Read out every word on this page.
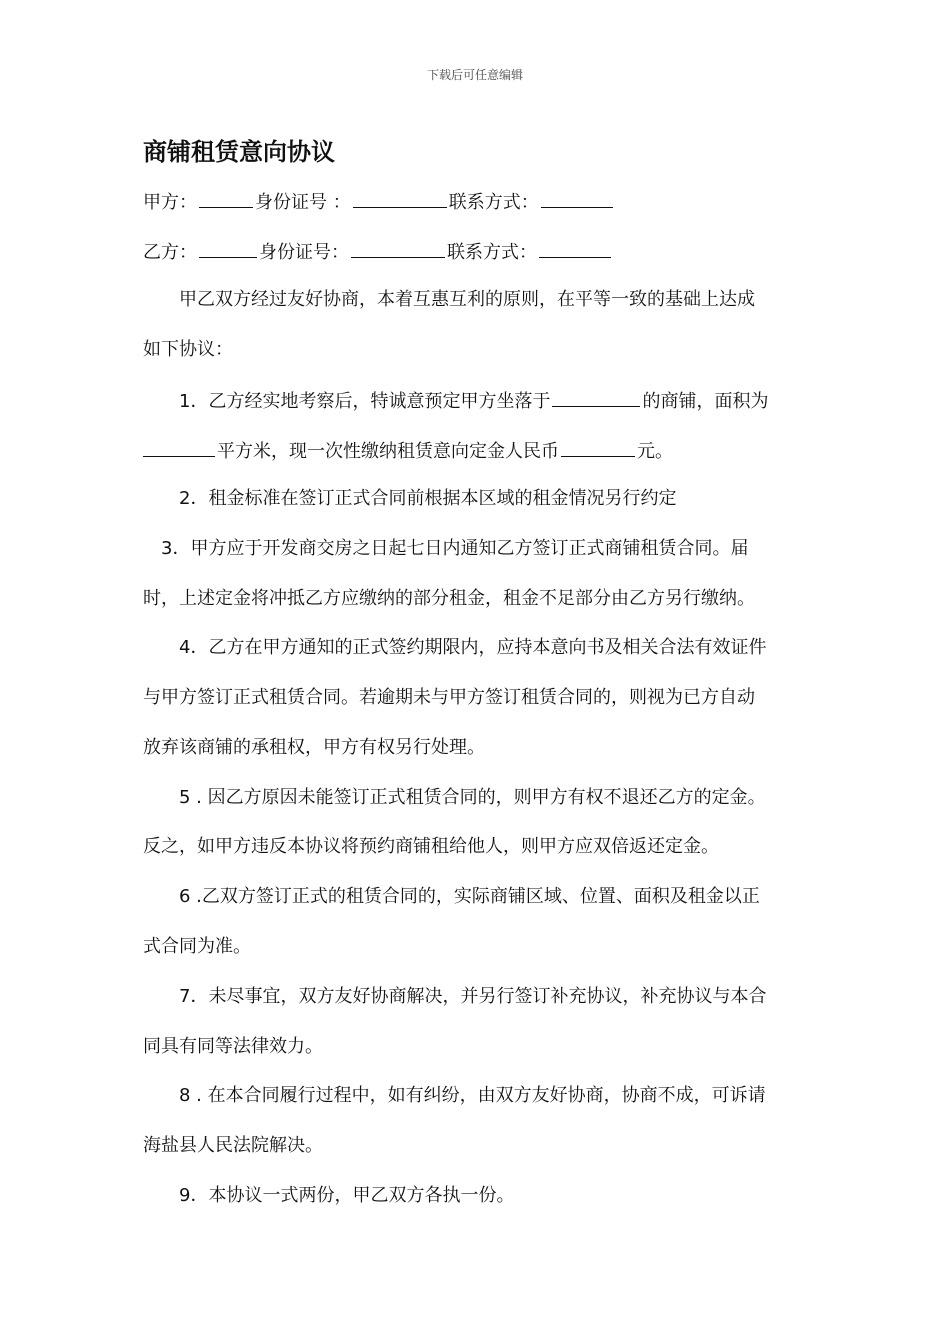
下载后可任意编辑
商铺租赁意向协议
甲方：	身份证号 ：	联系方式：
乙方：	身份证号：	联系方式：
　　甲乙双方经过友好协商，本着互惠互利的原则，在平等一致的基础上达成
如下协议：
　　1．乙方经实地考察后，特诚意预定甲方坐落于	的商铺，面积为
平方米，现一次性缴纳租赁意向定金人民币	元。
　　2．租金标准在签订正式合同前根据本区域的租金情况另行约定
　3．甲方应于开发商交房之日起七日内通知乙方签订正式商铺租赁合同。届
时，上述定金将冲抵乙方应缴纳的部分租金，租金不足部分由乙方另行缴纳。
　　4．乙方在甲方通知的正式签约期限内，应持本意向书及相关合法有效证件
与甲方签订正式租赁合同。若逾期未与甲方签订租赁合同的，则视为已方自动
放弃该商铺的承租权，甲方有权另行处理。
　　5 . 因乙方原因未能签订正式租赁合同的，则甲方有权不退还乙方的定金。
反之，如甲方违反本协议将预约商铺租给他人，则甲方应双倍返还定金。
　　6 .乙双方签订正式的租赁合同的，实际商铺区域、位置、面积及租金以正
式合同为准。
　　7．未尽事宜，双方友好协商解决，并另行签订补充协议，补充协议与本合
同具有同等法律效力。
　　8 . 在本合同履行过程中，如有纠纷，由双方友好协商，协商不成，可诉请
海盐县人民法院解决。
　　9．本协议一式两份，甲乙双方各执一份。
